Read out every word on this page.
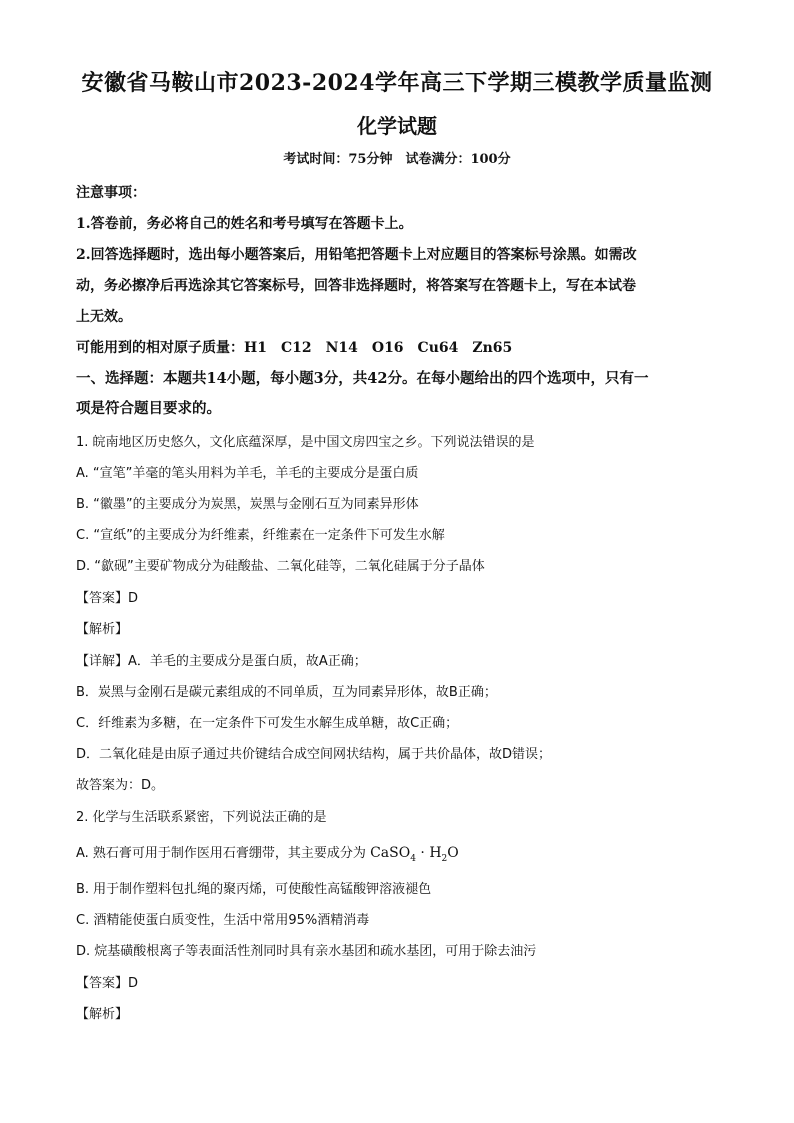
安徽省马鞍山市2023-2024学年高三下学期三模教学质量监测
化学试题
考试时间：75分钟　试卷满分：100分

注意事项：

1.答卷前，务必将自己的姓名和考号填写在答题卡上。

2.回答选择题时，选出每小题答案后，用铅笔把答题卡上对应题目的答案标号涂黑。如需改

动，务必擦净后再选涂其它答案标号，回答非选择题时，将答案写在答题卡上，写在本试卷

上无效。

可能用到的相对原子质量：H1　C12　N14　O16　Cu64　Zn65

一、选择题：本题共14小题，每小题3分，共42分。在每小题给出的四个选项中，只有一
项是符合题目要求的。

1. 皖南地区历史悠久，文化底蕴深厚，是中国文房四宝之乡。下列说法错误的是

A. “宣笔”羊毫的笔头用料为羊毛，羊毛的主要成分是蛋白质

B. “徽墨”的主要成分为炭黑，炭黑与金刚石互为同素异形体

C. “宣纸”的主要成分为纤维素，纤维素在一定条件下可发生水解

D. “歙砚”主要矿物成分为硅酸盐、二氧化硅等，二氧化硅属于分子晶体

【答案】D

【解析】

【详解】A．羊毛的主要成分是蛋白质，故A正确；

B．炭黑与金刚石是碳元素组成的不同单质，互为同素异形体，故B正确；

C．纤维素为多糖，在一定条件下可发生水解生成单糖，故C正确；

D．二氧化硅是由原子通过共价键结合成空间网状结构，属于共价晶体，故D错误；

故答案为：D。

2. 化学与生活联系紧密，下列说法正确的是

A. 熟石膏可用于制作医用石膏绷带，其主要成分为 CaSO$_4$ · $H_2O$

B. 用于制作塑料包扎绳的聚丙烯，可使酸性高锰酸钾溶液褪色

C. 酒精能使蛋白质变性，生活中常用95%酒精消毒

D. 烷基磺酸根离子等表面活性剂同时具有亲水基团和疏水基团，可用于除去油污

【答案】D

【解析】
